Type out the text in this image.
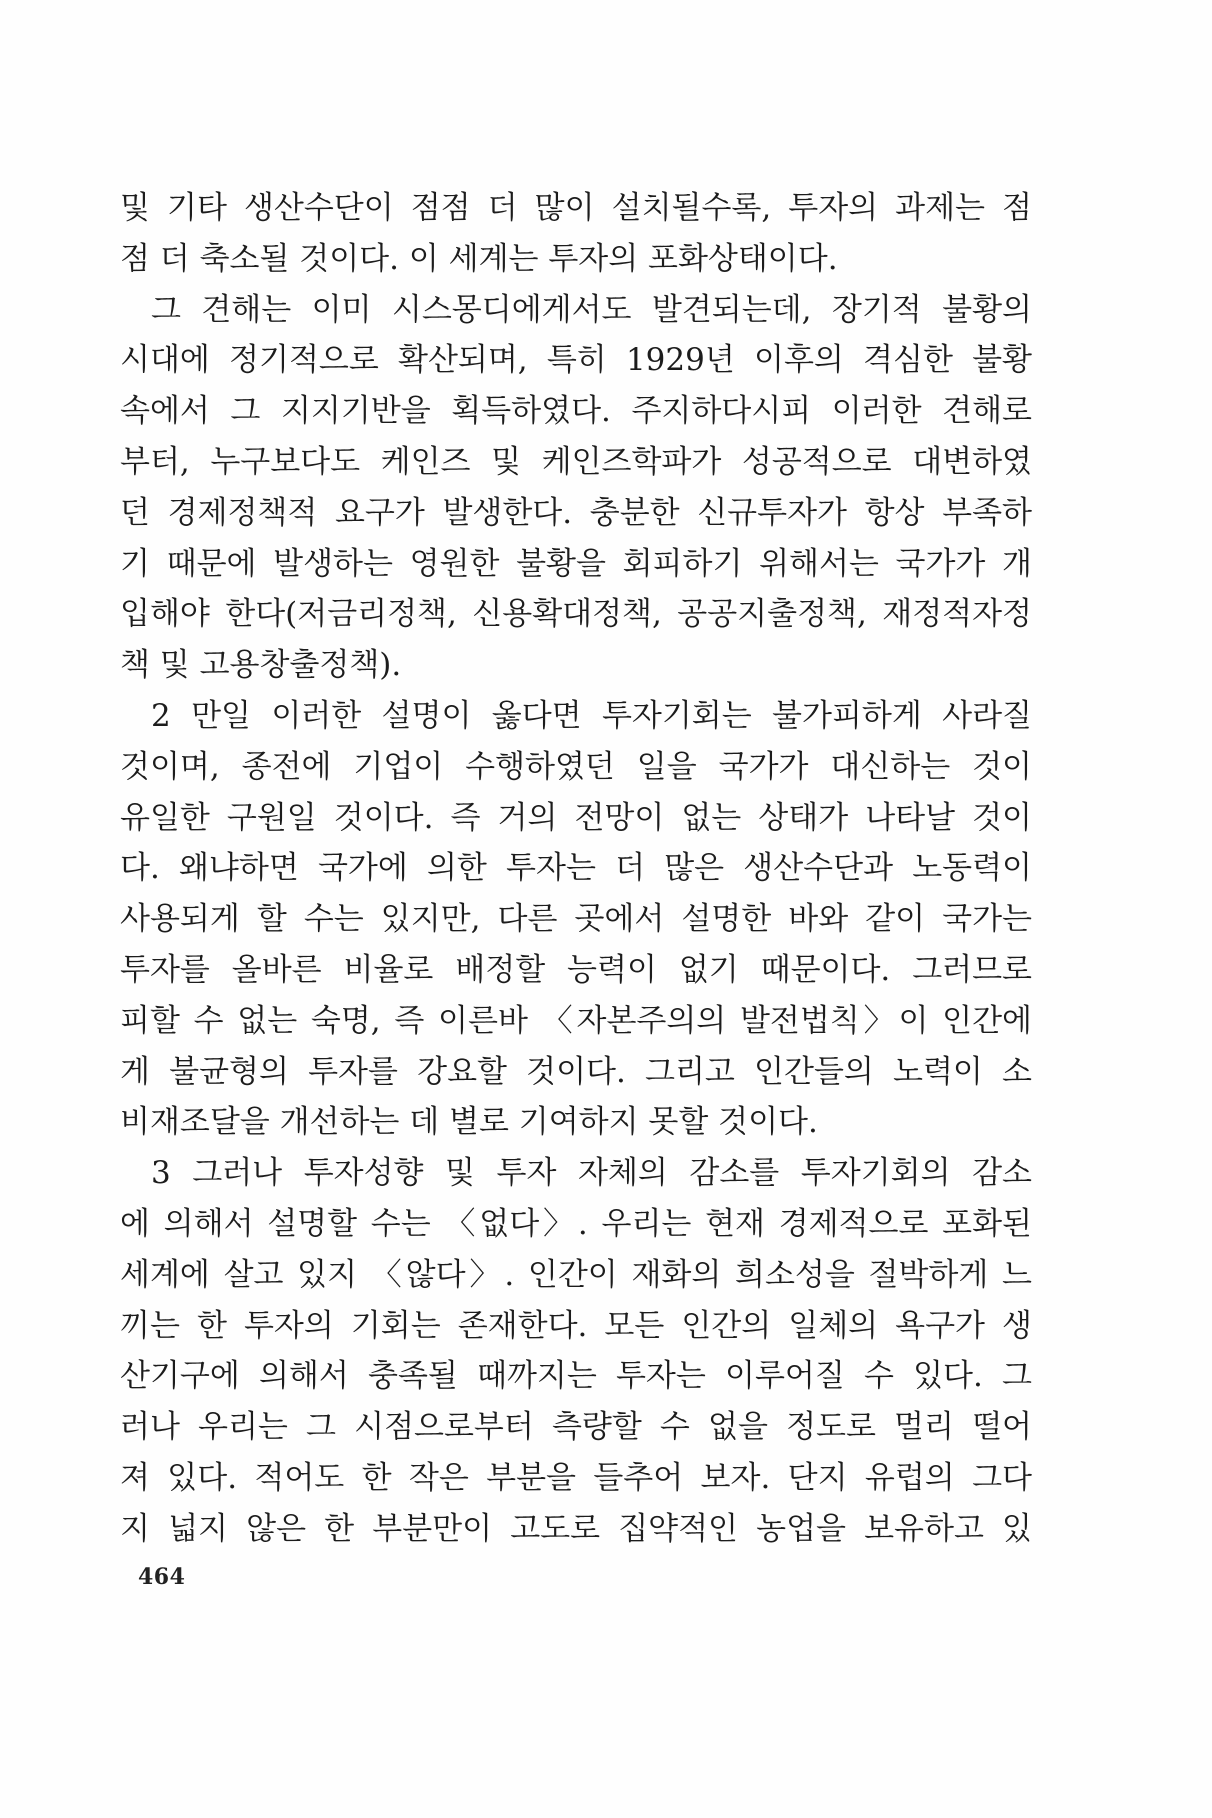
및 기타 생산수단이 점점 더 많이 설치될수록, 투자의 과제는 점
점 더 축소될 것이다. 이 세계는 투자의 포화상태이다.
그 견해는 이미 시스몽디에게서도 발견되는데, 장기적 불황의
시대에 정기적으로 확산되며, 특히 1929년 이후의 격심한 불황
속에서 그 지지기반을 획득하였다. 주지하다시피 이러한 견해로
부터, 누구보다도 케인즈 및 케인즈학파가 성공적으로 대변하였
던 경제정책적 요구가 발생한다. 충분한 신규투자가 항상 부족하
기 때문에 발생하는 영원한 불황을 회피하기 위해서는 국가가 개
입해야 한다(저금리정책, 신용확대정책, 공공지출정책, 재정적자정
책 및 고용창출정책).
2 만일 이러한 설명이 옳다면 투자기회는 불가피하게 사라질
것이며, 종전에 기업이 수행하였던 일을 국가가 대신하는 것이
유일한 구원일 것이다. 즉 거의 전망이 없는 상태가 나타날 것이
다. 왜냐하면 국가에 의한 투자는 더 많은 생산수단과 노동력이
사용되게 할 수는 있지만, 다른 곳에서 설명한 바와 같이 국가는
투자를 올바른 비율로 배정할 능력이 없기 때문이다. 그러므로
피할 수 없는 숙명, 즉 이른바 〈자본주의의 발전법칙〉이 인간에
게 불균형의 투자를 강요할 것이다. 그리고 인간들의 노력이 소
비재조달을 개선하는 데 별로 기여하지 못할 것이다.
3 그러나 투자성향 및 투자 자체의 감소를 투자기회의 감소
에 의해서 설명할 수는 〈없다〉. 우리는 현재 경제적으로 포화된
세계에 살고 있지 〈않다〉. 인간이 재화의 희소성을 절박하게 느
끼는 한 투자의 기회는 존재한다. 모든 인간의 일체의 욕구가 생
산기구에 의해서 충족될 때까지는 투자는 이루어질 수 있다. 그
러나 우리는 그 시점으로부터 측량할 수 없을 정도로 멀리 떨어
져 있다. 적어도 한 작은 부분을 들추어 보자. 단지 유럽의 그다
지 넓지 않은 한 부분만이 고도로 집약적인 농업을 보유하고 있
464
